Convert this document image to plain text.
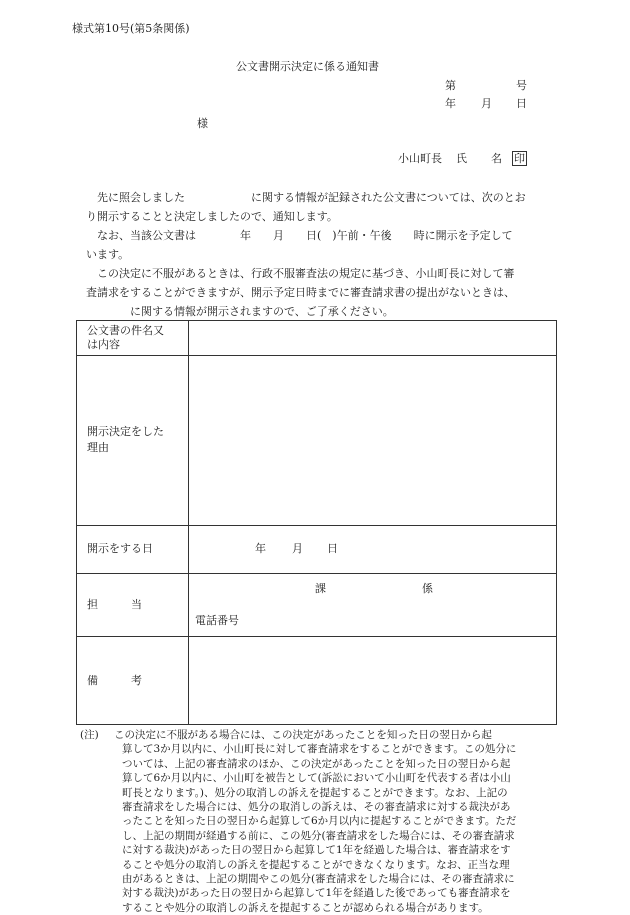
様式第10号(第5条関係)
公文書開示決定に係る通知書
第	号
年 月 日
様
小山町長 氏 名	印
先に照会しました　　　　　　に関する情報が記録された公文書については、次のとお
り開示することと決定しましたので、通知します。
なお、当該公文書は　　　　年　　月　　日(　)午前・午後　　時に開示を予定して
います。
この決定に不服があるときは、行政不服審査法の規定に基づき、小山町長に対して審
査請求をすることができますが、開示予定日時までに審査請求書の提出がないときは、
　　　　に関する情報が開示されますので、ご了承ください。
公文書の件名又
は内容
開示決定をした
理由
開示をする日	年 月 日
担　　　当
課	係
電話番号
備　　　考
(注) この決定に不服がある場合には、この決定があったことを知った日の翌日から起
算して3か月以内に、小山町長に対して審査請求をすることができます。この処分に
ついては、上記の審査請求のほか、この決定があったことを知った日の翌日から起
算して6か月以内に、小山町を被告として(訴訟において小山町を代表する者は小山
町長となります。)、処分の取消しの訴えを提起することができます。なお、上記の
審査請求をした場合には、処分の取消しの訴えは、その審査請求に対する裁決があ
ったことを知った日の翌日から起算して6か月以内に提起することができます。ただ
し、上記の期間が経過する前に、この処分(審査請求をした場合には、その審査請求
に対する裁決)があった日の翌日から起算して1年を経過した場合は、審査請求をす
ることや処分の取消しの訴えを提起することができなくなります。なお、正当な理
由があるときは、上記の期間やこの処分(審査請求をした場合には、その審査請求に
対する裁決)があった日の翌日から起算して1年を経過した後であっても審査請求を
することや処分の取消しの訴えを提起することが認められる場合があります。
